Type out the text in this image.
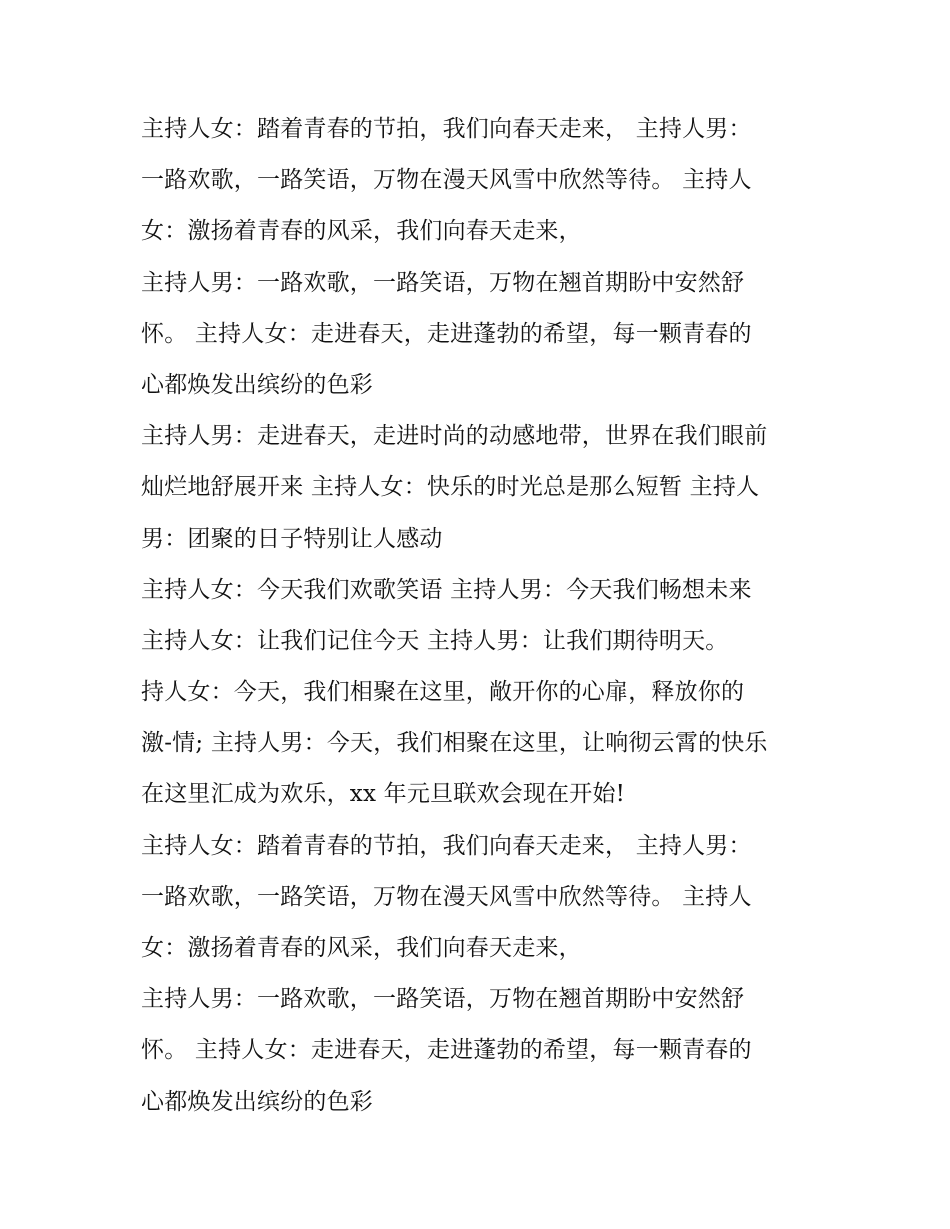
主持人女：踏着青春的节拍，我们向春天走来， 主持人男：
一路欢歌，一路笑语，万物在漫天风雪中欣然等待。 主持人
女：激扬着青春的风采，我们向春天走来，
主持人男：一路欢歌，一路笑语，万物在翘首期盼中安然舒
怀。 主持人女：走进春天，走进蓬勃的希望，每一颗青春的
心都焕发出缤纷的色彩
主持人男：走进春天，走进时尚的动感地带，世界在我们眼前
灿烂地舒展开来 主持人女：快乐的时光总是那么短暂 主持人
男：团聚的日子特别让人感动
主持人女：今天我们欢歌笑语 主持人男：今天我们畅想未来
主持人女：让我们记住今天 主持人男：让我们期待明天。
持人女：今天，我们相聚在这里，敞开你的心扉，释放你的
激-情; 主持人男：今天，我们相聚在这里，让响彻云霄的快乐
在这里汇成为欢乐，xx 年元旦联欢会现在开始!
主持人女：踏着青春的节拍，我们向春天走来， 主持人男：
一路欢歌，一路笑语，万物在漫天风雪中欣然等待。 主持人
女：激扬着青春的风采，我们向春天走来，
主持人男：一路欢歌，一路笑语，万物在翘首期盼中安然舒
怀。 主持人女：走进春天，走进蓬勃的希望，每一颗青春的
心都焕发出缤纷的色彩
